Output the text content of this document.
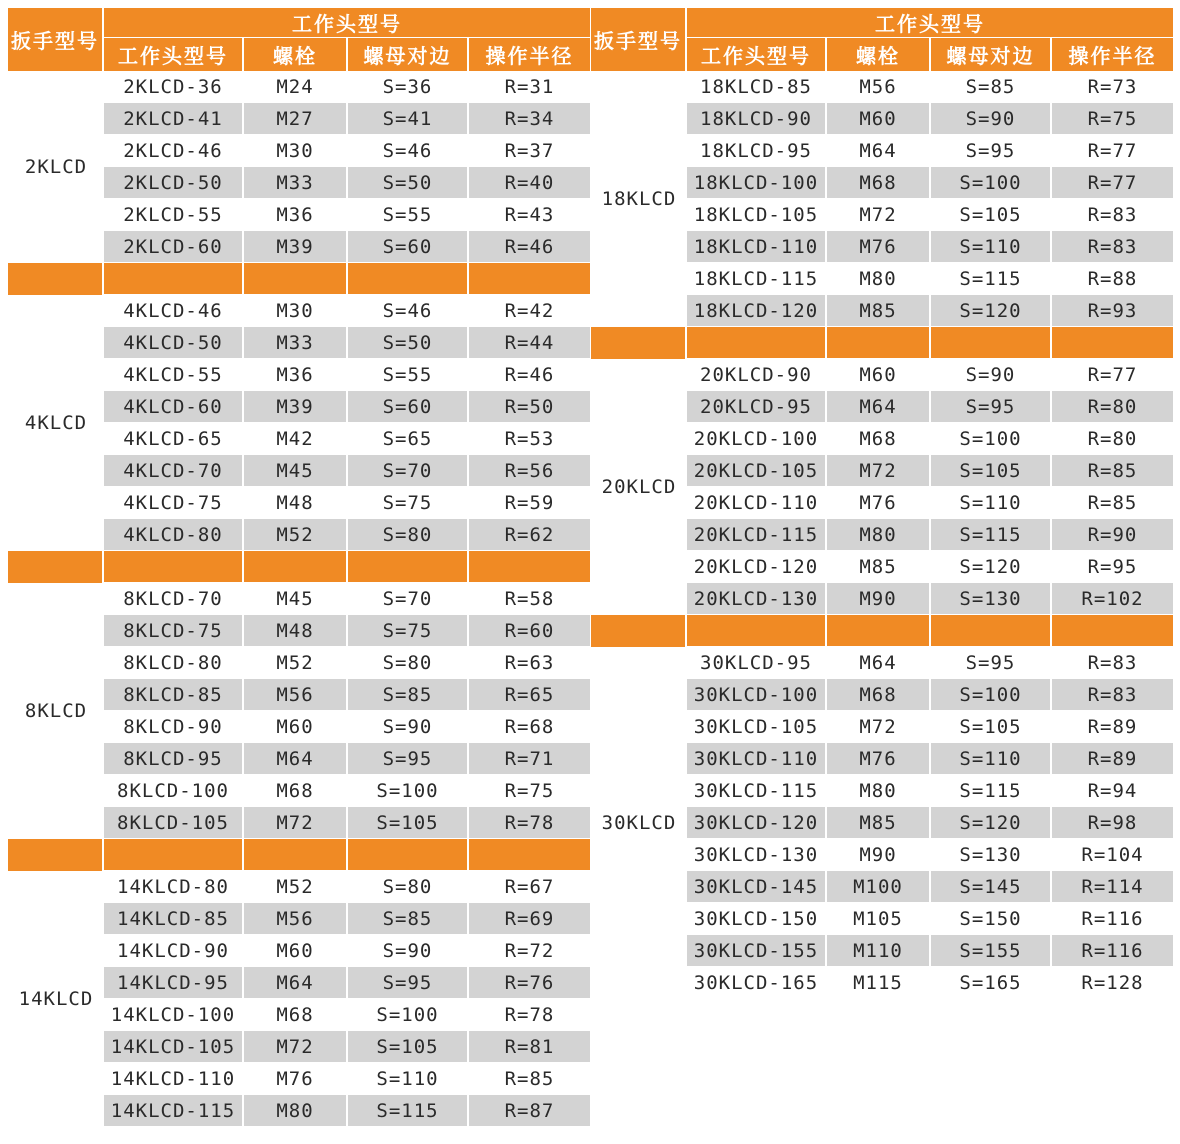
扳手型号
工作头型号
工作头型号	螺栓	螺母对边	操作半径
2KLCD
2KLCD-36	M24	S=36	R=31
2KLCD-41	M27	S=41	R=34
2KLCD-46	M30	S=46	R=37
2KLCD-50	M33	S=50	R=40
2KLCD-55	M36	S=55	R=43
2KLCD-60	M39	S=60	R=46
4KLCD
4KLCD-46	M30	S=46	R=42
4KLCD-50	M33	S=50	R=44
4KLCD-55	M36	S=55	R=46
4KLCD-60	M39	S=60	R=50
4KLCD-65	M42	S=65	R=53
4KLCD-70	M45	S=70	R=56
4KLCD-75	M48	S=75	R=59
4KLCD-80	M52	S=80	R=62
8KLCD
8KLCD-70	M45	S=70	R=58
8KLCD-75	M48	S=75	R=60
8KLCD-80	M52	S=80	R=63
8KLCD-85	M56	S=85	R=65
8KLCD-90	M60	S=90	R=68
8KLCD-95	M64	S=95	R=71
8KLCD-100	M68	S=100	R=75
8KLCD-105	M72	S=105	R=78
14KLCD
14KLCD-80	M52	S=80	R=67
14KLCD-85	M56	S=85	R=69
14KLCD-90	M60	S=90	R=72
14KLCD-95	M64	S=95	R=76
14KLCD-100	M68	S=100	R=78
14KLCD-105	M72	S=105	R=81
14KLCD-110	M76	S=110	R=85
14KLCD-115	M80	S=115	R=87
扳手型号
工作头型号
工作头型号	螺栓	螺母对边	操作半径
18KLCD
18KLCD-85	M56	S=85	R=73
18KLCD-90	M60	S=90	R=75
18KLCD-95	M64	S=95	R=77
18KLCD-100	M68	S=100	R=77
18KLCD-105	M72	S=105	R=83
18KLCD-110	M76	S=110	R=83
18KLCD-115	M80	S=115	R=88
18KLCD-120	M85	S=120	R=93
20KLCD
20KLCD-90	M60	S=90	R=77
20KLCD-95	M64	S=95	R=80
20KLCD-100	M68	S=100	R=80
20KLCD-105	M72	S=105	R=85
20KLCD-110	M76	S=110	R=85
20KLCD-115	M80	S=115	R=90
20KLCD-120	M85	S=120	R=95
20KLCD-130	M90	S=130	R=102
30KLCD
30KLCD-95	M64	S=95	R=83
30KLCD-100	M68	S=100	R=83
30KLCD-105	M72	S=105	R=89
30KLCD-110	M76	S=110	R=89
30KLCD-115	M80	S=115	R=94
30KLCD-120	M85	S=120	R=98
30KLCD-130	M90	S=130	R=104
30KLCD-145	M100	S=145	R=114
30KLCD-150	M105	S=150	R=116
30KLCD-155	M110	S=155	R=116
30KLCD-165	M115	S=165	R=128
